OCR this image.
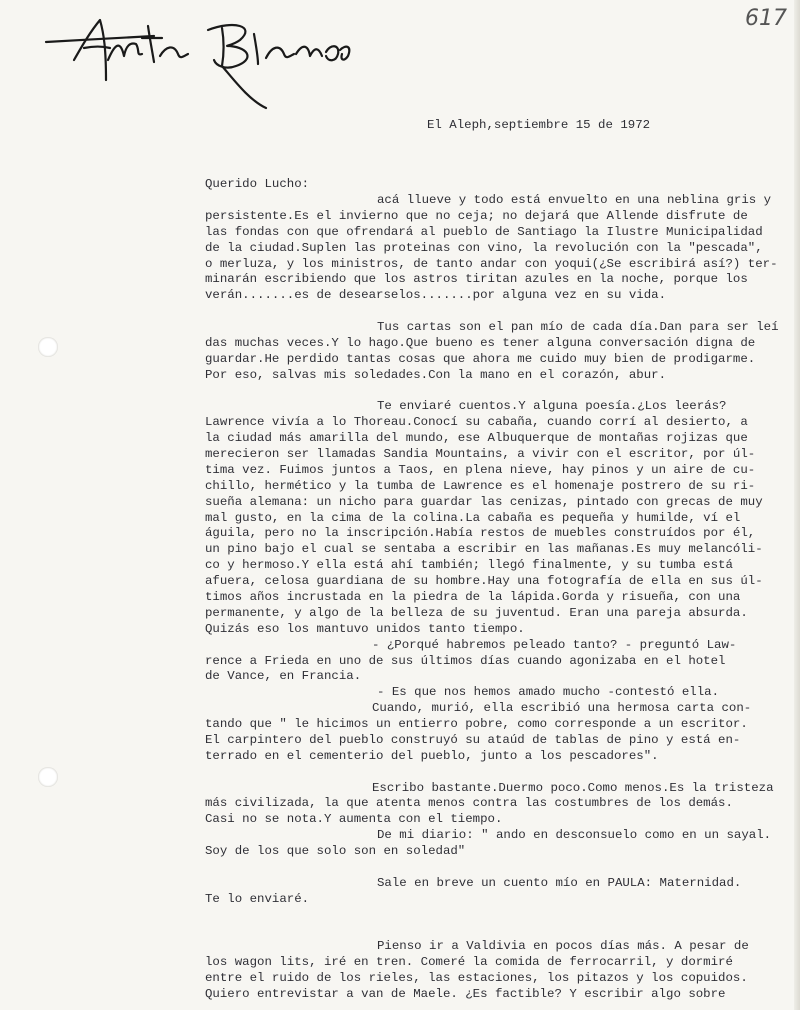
617
El Aleph,septiembre 15 de 1972
Querido Lucho:
acá llueve y todo está envuelto en una neblina gris y
persistente.Es el invierno que no ceja; no dejará que Allende disfrute de
las fondas con que ofrendará al pueblo de Santiago la Ilustre Municipalidad
de la ciudad.Suplen las proteinas con vino, la revolución con la "pescada",
o merluza, y los ministros, de tanto andar con yoqui(¿Se escribirá así?) ter-
minarán escribiendo que los astros tiritan azules en la noche, porque los
verán.......es de desearselos.......por alguna vez en su vida.
Tus cartas son el pan mío de cada día.Dan para ser leí
das muchas veces.Y lo hago.Que bueno es tener alguna conversación digna de
guardar.He perdido tantas cosas que ahora me cuido muy bien de prodigarme.
Por eso, salvas mis soledades.Con la mano en el corazón, abur.
Te enviaré cuentos.Y alguna poesía.¿Los leerás?
Lawrence vivía a lo Thoreau.Conocí su cabaña, cuando corrí al desierto, a
la ciudad más amarilla del mundo, ese Albuquerque de montañas rojizas que
merecieron ser llamadas Sandia Mountains, a vivir con el escritor, por úl-
tima vez. Fuimos juntos a Taos, en plena nieve, hay pinos y un aire de cu-
chillo, hermético y la tumba de Lawrence es el homenaje postrero de su ri-
sueña alemana: un nicho para guardar las cenizas, pintado con grecas de muy
mal gusto, en la cima de la colina.La cabaña es pequeña y humilde, ví el
águila, pero no la inscripción.Había restos de muebles construídos por él,
un pino bajo el cual se sentaba a escribir en las mañanas.Es muy melancóli-
co y hermoso.Y ella está ahí también; llegó finalmente, y su tumba está
afuera, celosa guardiana de su hombre.Hay una fotografía de ella en sus úl-
timos años incrustada en la piedra de la lápida.Gorda y risueña, con una
permanente, y algo de la belleza de su juventud. Eran una pareja absurda.
Quizás eso los mantuvo unidos tanto tiempo.
- ¿Porqué habremos peleado tanto? - preguntó Law-
rence a Frieda en uno de sus últimos días cuando agonizaba en el hotel
de Vance, en Francia.
- Es que nos hemos amado mucho -contestó ella.
Cuando, murió, ella escribió una hermosa carta con-
tando que " le hicimos un entierro pobre, como corresponde a un escritor.
El carpintero del pueblo construyó su ataúd de tablas de pino y está en-
terrado en el cementerio del pueblo, junto a los pescadores".
Escribo bastante.Duermo poco.Como menos.Es la tristeza
más civilizada, la que atenta menos contra las costumbres de los demás.
Casi no se nota.Y aumenta con el tiempo.
De mi diario: " ando en desconsuelo como en un sayal.
Soy de los que solo son en soledad"
Sale en breve un cuento mío en PAULA: Maternidad.
Te lo enviaré.
Pienso ir a Valdivia en pocos días más. A pesar de
los wagon lits, iré en tren. Comeré la comida de ferrocarril, y dormiré
entre el ruido de los rieles, las estaciones, los pitazos y los copuidos.
Quiero entrevistar a van de Maele. ¿Es factible? Y escribir algo sobre
